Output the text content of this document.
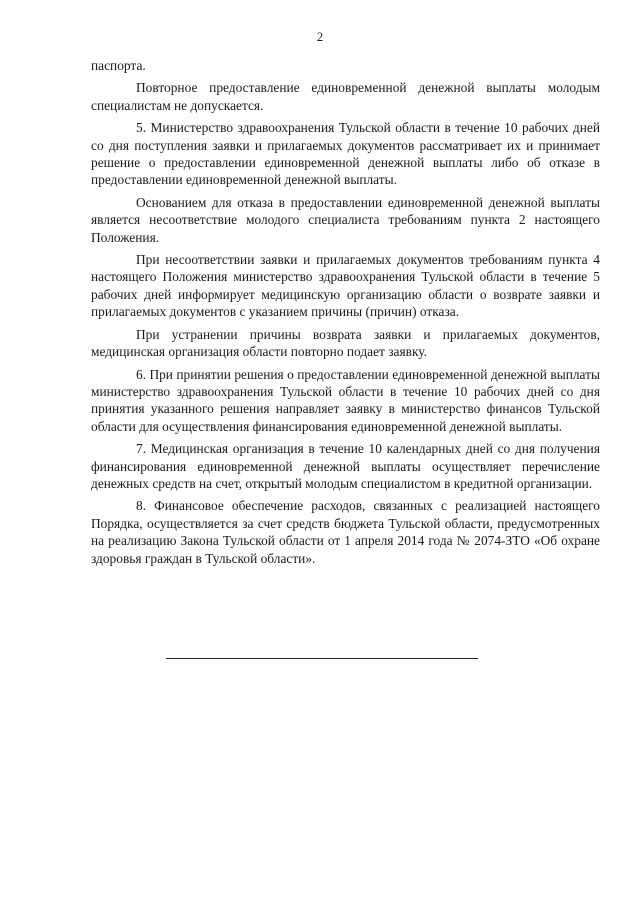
2

паспорта.

Повторное предоставление единовременной денежной выплаты молодым специалистам не допускается.

5. Министерство здравоохранения Тульской области в течение 10 рабочих дней со дня поступления заявки и прилагаемых документов рассматривает их и принимает решение о предоставлении единовременной денежной выплаты либо об отказе в предоставлении единовременной денежной выплаты.

Основанием для отказа в предоставлении единовременной денежной выплаты является несоответствие молодого специалиста требованиям пункта 2 настоящего Положения.

При несоответствии заявки и прилагаемых документов требованиям пункта 4 настоящего Положения министерство здравоохранения Тульской области в течение 5 рабочих дней информирует медицинскую организацию области о возврате заявки и прилагаемых документов с указанием причины (причин) отказа.

При устранении причины возврата заявки и прилагаемых документов, медицинская организация области повторно подает заявку.

6. При принятии решения о предоставлении единовременной денежной выплаты министерство здравоохранения Тульской области в течение 10 рабочих дней со дня принятия указанного решения направляет заявку в министерство финансов Тульской области для осуществления финансирования единовременной денежной выплаты.

7. Медицинская организация в течение 10 календарных дней со дня получения финансирования единовременной денежной выплаты осуществляет перечисление денежных средств на счет, открытый молодым специалистом в кредитной организации.

8. Финансовое обеспечение расходов, связанных с реализацией настоящего Порядка, осуществляется за счет средств бюджета Тульской области, предусмотренных на реализацию Закона Тульской области от 1 апреля 2014 года № 2074-ЗТО «Об охране здоровья граждан в Тульской области».
